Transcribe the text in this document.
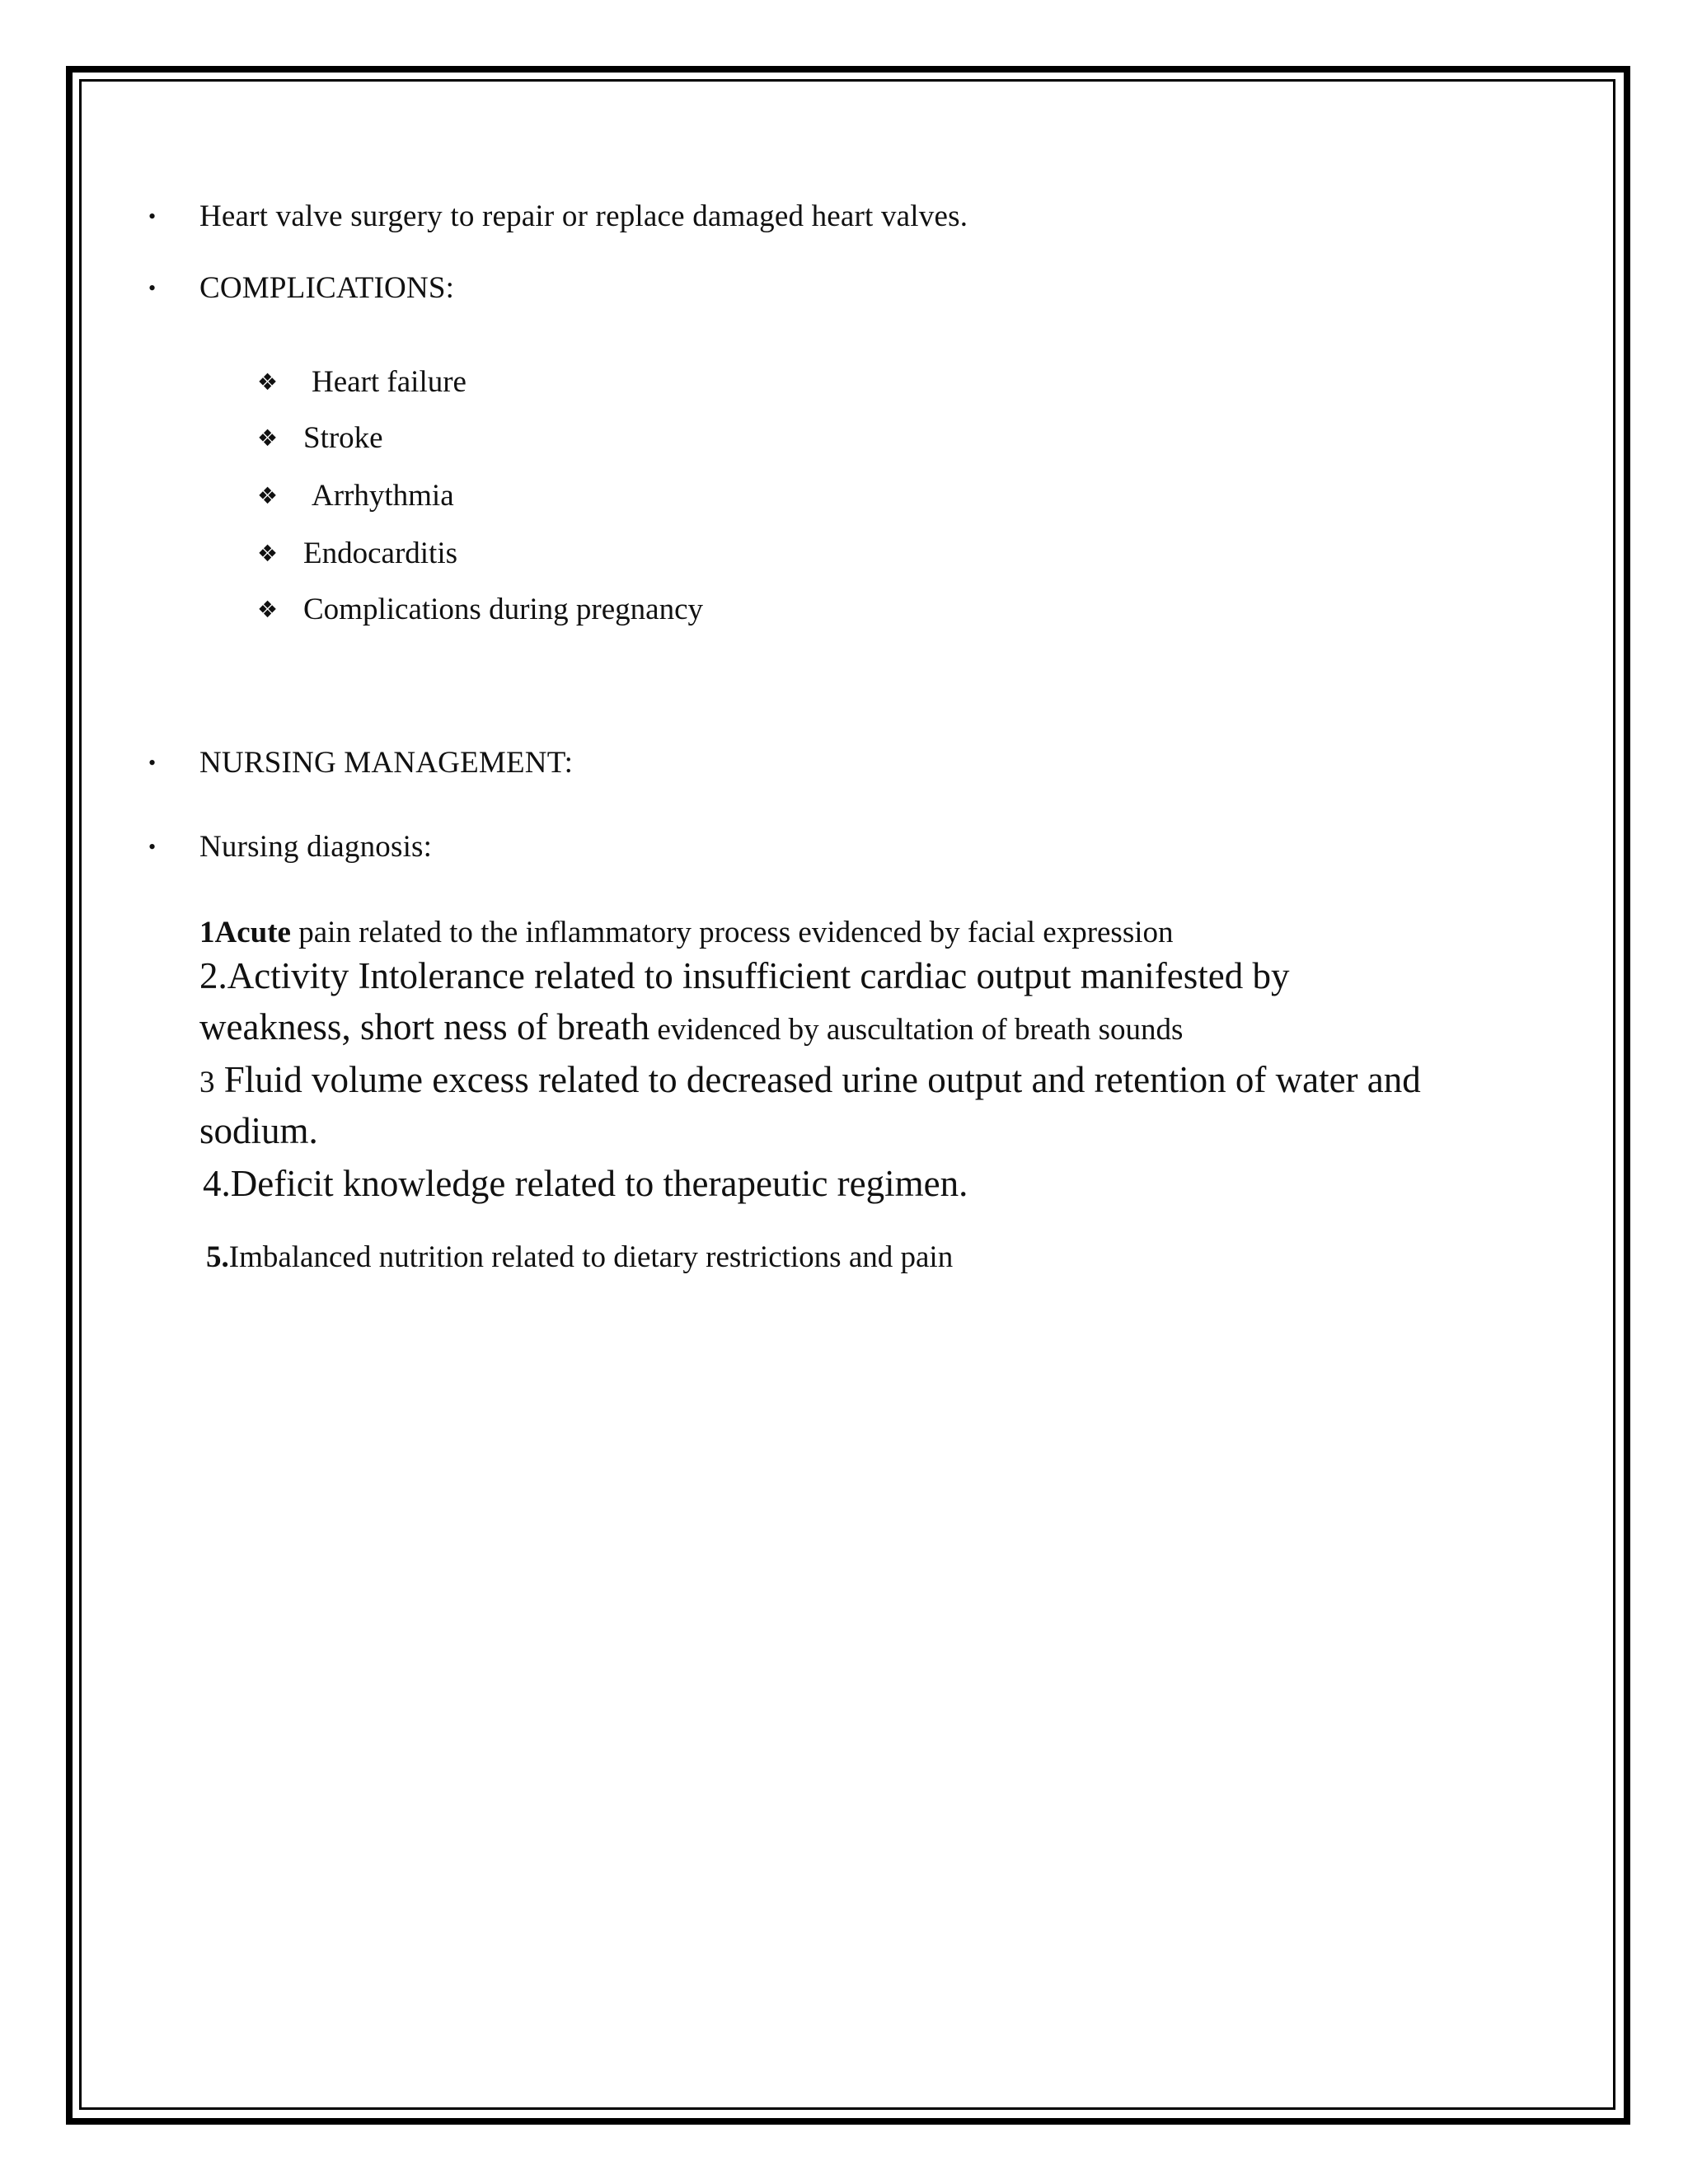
•	Heart valve surgery to repair or replace damaged heart valves.
•	COMPLICATIONS:
❖ Heart failure
❖ Stroke
❖ Arrhythmia
❖ Endocarditis
❖ Complications during pregnancy
•	NURSING MANAGEMENT:
•	Nursing diagnosis:
1Acute pain related to the inflammatory process evidenced by facial expression
2.Activity Intolerance related to insufficient cardiac output manifested by
weakness, short ness of breath evidenced by auscultation of breath sounds
3 Fluid volume excess related to decreased urine output and retention of water and
sodium.
4.Deficit knowledge related to therapeutic regimen.
5.Imbalanced nutrition related to dietary restrictions and pain
